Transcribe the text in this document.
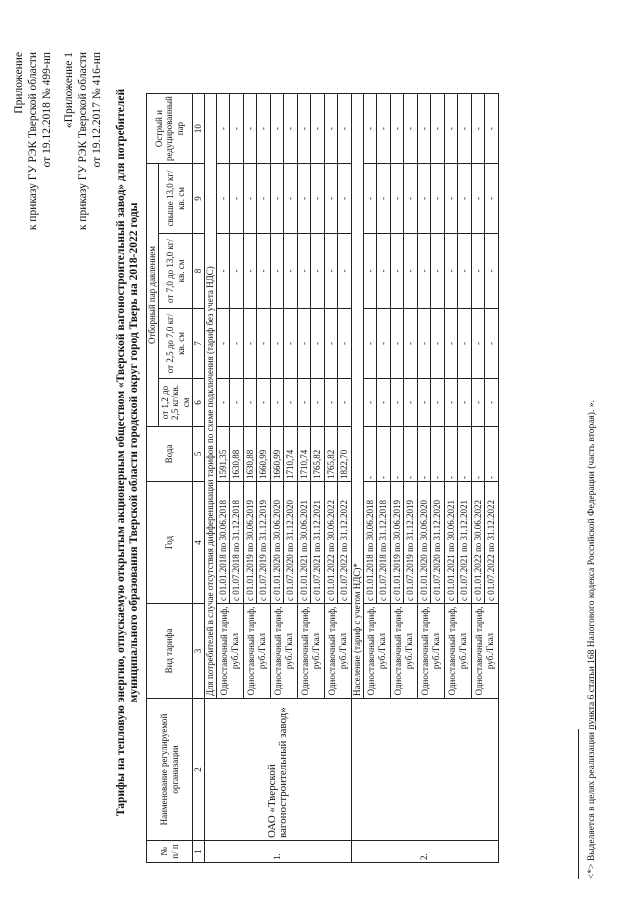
Приложение к приказу ГУ РЭК Тверской области от 19.12.2018 № 499-нп «Приложение 1 к приказу ГУ РЭК Тверской области от 19.12.2017 № 416-нп Тарифы на тепловую энергию, отпускаемую открытым акционерным обществом «Тверской вагоностроительный завод» для потребителей муниципального образования Тверской области городской округ город Тверь на 2018-2022 годы
№ п/ п	Наименование регулируемой организации	Вид тарифа	Год	Вода	Отборный пар давлением				Острый и редуцированный пар
					от 1,2 до 2,5 кг/кв. см	от 2,5 до 7,0 кг/кв. см	от 7,0 до 13,0 кг/кв. см	свыше 13,0 кг/кв. см	
1	2	3	4	5	6	7	8	9	10
1.	ОАО «Тверской вагоностроительный завод»	Для потребителей в случае отсутствия дифференциации тарифов по схеме подключения (тариф без учета НДС)							
		Одноставочный тариф, руб./Гкал	с 01.01.2018 по 30.06.2018	1591,35	-	-	-	-	-
			с 01.07.2018 по 31.12.2018	1630,88	-	-	-	-	-
		Одноставочный тариф, руб./Гкал	с 01.01.2019 по 30.06.2019	1630,88	-	-	-	-	-
			с 01.07.2019 по 31.12.2019	1660,99	-	-	-	-	-
		Одноставочный тариф, руб./Гкал	с 01.01.2020 по 30.06.2020	1660,99	-	-	-	-	-
			с 01.07.2020 по 31.12.2020	1710,74	-	-	-	-	-
		Одноставочный тариф, руб./Гкал	с 01.01.2021 по 30.06.2021	1710,74	-	-	-	-	-
			с 01.07.2021 по 31.12.2021	1765,82	-	-	-	-	-
		Одноставочный тариф, руб./Гкал	с 01.01.2022 по 30.06.2022	1765,82	-	-	-	-	-
			с 01.07.2022 по 31.12.2022	1822,70	-	-	-	-	-
2.		Население (тариф с учетом НДС)*							
		Одноставочный тариф, руб./Гкал	с 01.01.2018 по 30.06.2018	-	-	-	-	-	-
			с 01.07.2018 по 31.12.2018	-	-	-	-	-	-
		Одноставочный тариф, руб./Гкал	с 01.01.2019 по 30.06.2019	-	-	-	-	-	-
			с 01.07.2019 по 31.12.2019	-	-	-	-	-	-
		Одноставочный тариф, руб./Гкал	с 01.01.2020 по 30.06.2020	-	-	-	-	-	-
			с 01.07.2020 по 31.12.2020	-	-	-	-	-	-
		Одноставочный тариф, руб./Гкал	с 01.01.2021 по 30.06.2021	-	-	-	-	-	-
			с 01.07.2021 по 31.12.2021	-	-	-	-	-	-
		Одноставочный тариф, руб./Гкал	с 01.01.2022 по 30.06.2022	-	-	-	-	-	-
			с 01.07.2022 по 31.12.2022	-	-	-	-	-	-
<*> Выделяется в целях реализации пункта 6 статьи 168 Налогового кодекса Российской Федерации (часть вторая). ».
